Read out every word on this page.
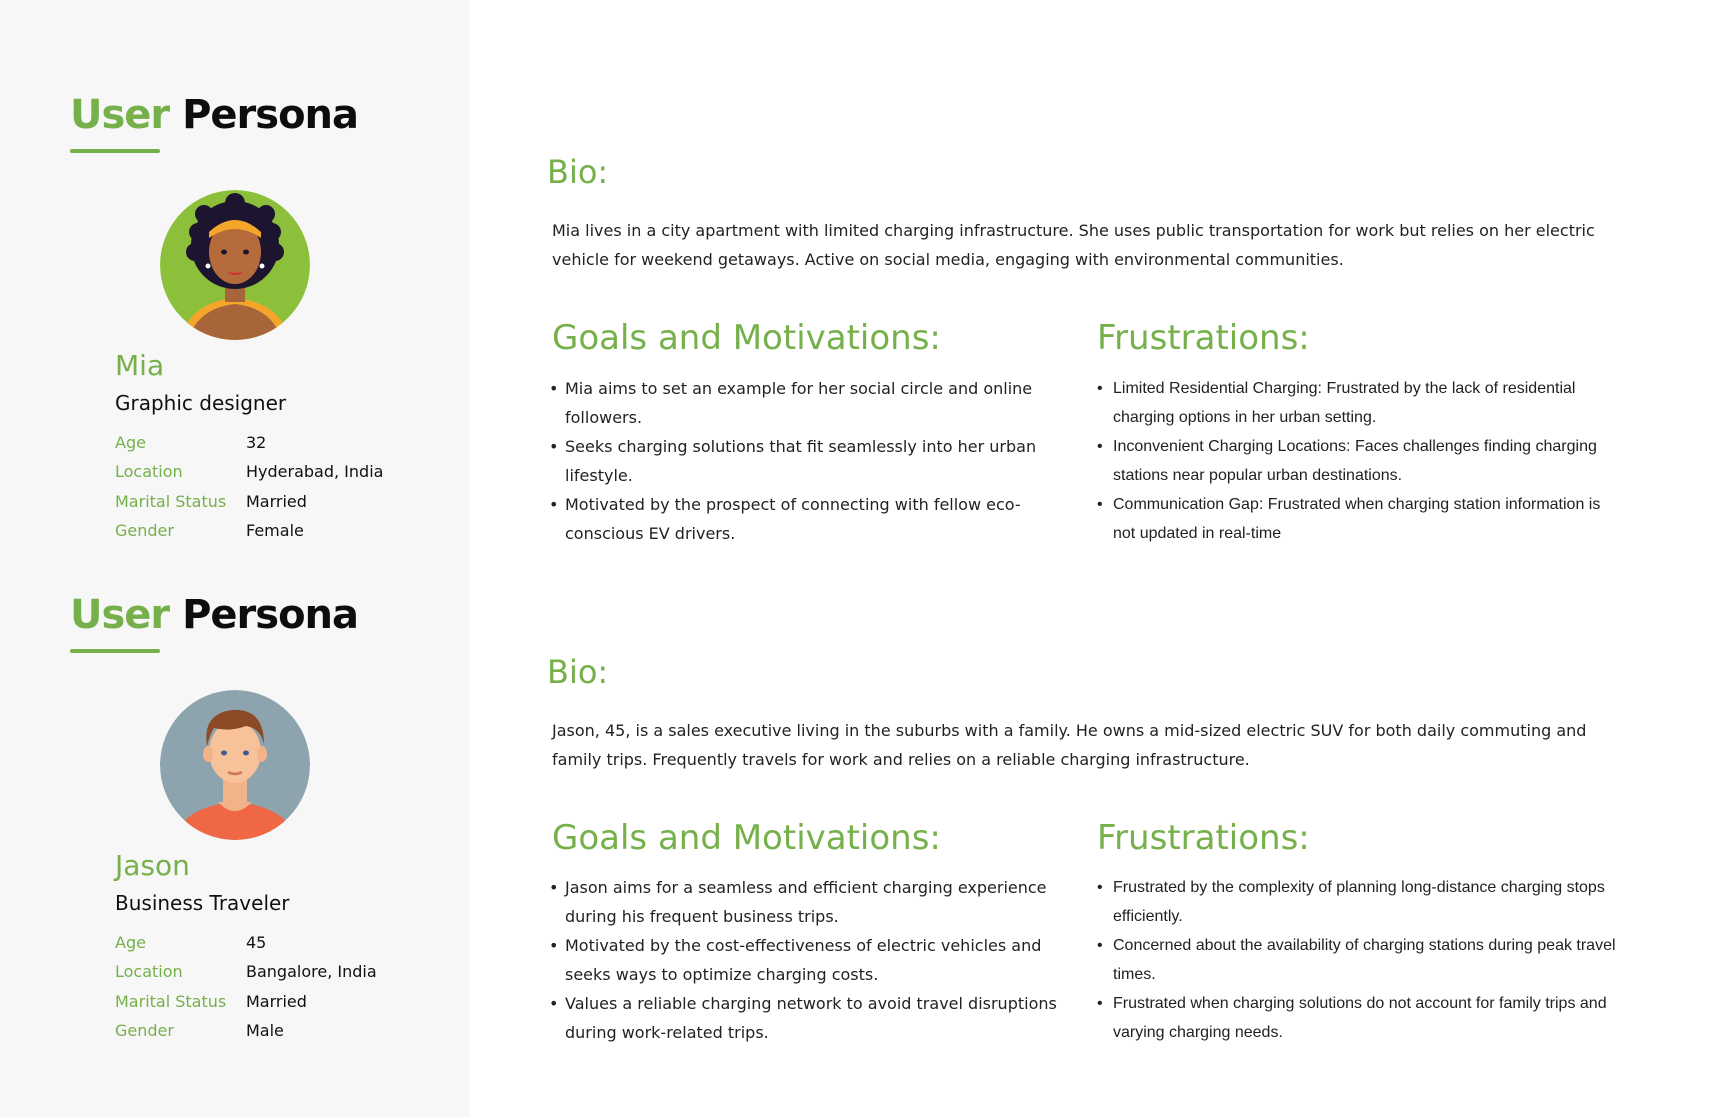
User Persona
Mia
Graphic designer
Age	32
Location	Hyderabad, India
Marital Status Married
Gender	Female
Bio:
Mia lives in a city apartment with limited charging infrastructure. She uses public transportation for work but relies on her electric vehicle for weekend getaways. Active on social media, engaging with environmental communities.
Goals and Motivations:
• Mia aims to set an example for her social circle and online followers.
• Seeks charging solutions that fit seamlessly into her urban lifestyle.
• Motivated by the prospect of connecting with fellow eco-conscious EV drivers.
Frustrations:
• Limited Residential Charging: Frustrated by the lack of residential charging options in her urban setting.
• Inconvenient Charging Locations: Faces challenges finding charging stations near popular urban destinations.
• Communication Gap: Frustrated when charging station information is not updated in real-time
User Persona
Jason
Business Traveler
Age	45
Location	Bangalore, India
Marital Status Married
Gender	Male
Bio:
Jason, 45, is a sales executive living in the suburbs with a family. He owns a mid-sized electric SUV for both daily commuting and family trips. Frequently travels for work and relies on a reliable charging infrastructure.
Goals and Motivations:
• Jason aims for a seamless and efficient charging experience during his frequent business trips.
• Motivated by the cost-effectiveness of electric vehicles and seeks ways to optimize charging costs.
• Values a reliable charging network to avoid travel disruptions during work-related trips.
Frustrations:
• Frustrated by the complexity of planning long-distance charging stops efficiently.
• Concerned about the availability of charging stations during peak travel times.
• Frustrated when charging solutions do not account for family trips and varying charging needs.
